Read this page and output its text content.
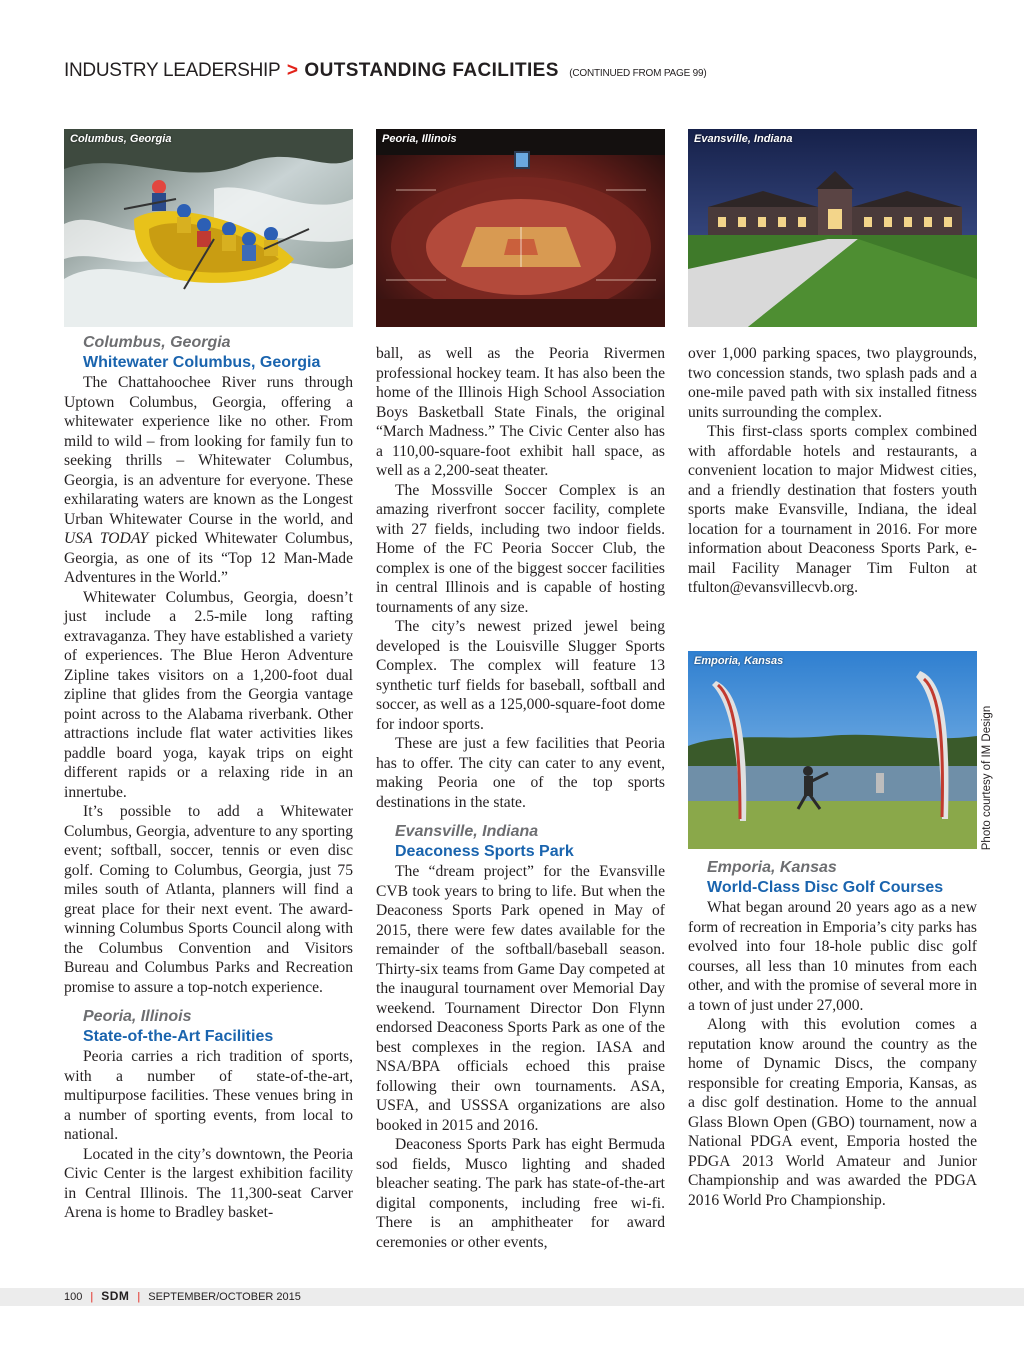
INDUSTRY LEADERSHIP > OUTSTANDING FACILITIES (CONTINUED FROM PAGE 99)
Columbus, Georgia	Peoria, Illinois	Evansville, Indiana
Emporia, Kansas
Photo courtesy of IM Design

Columbus, Georgia

Whitewater Columbus, Georgia

The Chattahoochee River runs through Uptown Columbus, Georgia, offering a whitewater experience like no other. From mild to wild – from looking for family fun to seeking thrills – Whitewater Columbus, Georgia, is an adventure for everyone. These exhilarating waters are known as the Longest Urban Whitewater Course in the world, and USA TODAY picked Whitewater Columbus, Georgia, as one of its “Top 12 Man-Made Adventures in the World.”

Whitewater Columbus, Georgia, doesn’t just include a 2.5-mile long rafting extravaganza. They have established a variety of experiences. The Blue Heron Adventure Zipline takes visitors on a 1,200-foot dual zipline that glides from the Georgia vantage point across to the Alabama riverbank. Other attractions include flat water activities likes paddle board yoga, kayak trips on eight different rapids or a relaxing ride in an innertube.

It’s possible to add a Whitewater Columbus, Georgia, adventure to any sporting event; softball, soccer, tennis or even disc golf. Coming to Columbus, Georgia, just 75 miles south of Atlanta, planners will find a great place for their next event. The award-winning Columbus Sports Council along with the Columbus Convention and Visitors Bureau and Columbus Parks and Recreation promise to assure a top-notch experience.

Peoria, Illinois

State-of-the-Art Facilities

Peoria carries a rich tradition of sports, with a number of state-of-the-art, multipurpose facilities. These venues bring in a number of sporting events, from local to national.

Located in the city’s downtown, the Peoria Civic Center is the largest exhibition facility in Central Illinois. The 11,300-seat Carver Arena is home to Bradley basket-

ball, as well as the Peoria Rivermen professional hockey team. It has also been the home of the Illinois High School Association Boys Basketball State Finals, the original “March Madness.” The Civic Center also has a 110,00-square-foot exhibit hall space, as well as a 2,200-seat theater.

The Mossville Soccer Complex is an amazing riverfront soccer facility, complete with 27 fields, including two indoor fields. Home of the FC Peoria Soccer Club, the complex is one of the biggest soccer facilities in central Illinois and is capable of hosting tournaments of any size.

The city’s newest prized jewel being developed is the Louisville Slugger Sports Complex. The complex will feature 13 synthetic turf fields for baseball, softball and soccer, as well as a 125,000-square-foot dome for indoor sports.

These are just a few facilities that Peoria has to offer. The city can cater to any event, making Peoria one of the top sports destinations in the state.

Evansville, Indiana

Deaconess Sports Park

The “dream project” for the Evansville CVB took years to bring to life. But when the Deaconess Sports Park opened in May of 2015, there were few dates available for the remainder of the softball/baseball season. Thirty-six teams from Game Day competed at the inaugural tournament over Memorial Day weekend. Tournament Director Don Flynn endorsed Deaconess Sports Park as one of the best complexes in the region. IASA and NSA/BPA officials echoed this praise following their own tournaments. ASA, USFA, and USSSA organizations are also booked in 2015 and 2016.

Deaconess Sports Park has eight Bermuda sod fields, Musco lighting and shaded bleacher seating. The park has state-of-the-art digital components, including free wi-fi. There is an amphitheater for award ceremonies or other events,

over 1,000 parking spaces, two playgrounds, two concession stands, two splash pads and a one-mile paved path with six installed fitness units surrounding the complex.

This first-class sports complex combined with affordable hotels and restaurants, a convenient location to major Midwest cities, and a friendly destination that fosters youth sports make Evansville, Indiana, the ideal location for a tournament in 2016. For more information about Deaconess Sports Park, e-mail Facility Manager Tim Fulton at tfulton@evansvillecvb.org.

Emporia, Kansas

World-Class Disc Golf Courses

What began around 20 years ago as a new form of recreation in Emporia’s city parks has evolved into four 18-hole public disc golf courses, all less than 10 minutes from each other, and with the promise of several more in a town of just under 27,000.

Along with this evolution comes a reputation know around the country as the home of Dynamic Discs, the company responsible for creating Emporia, Kansas, as a disc golf destination. Home to the annual Glass Blown Open (GBO) tournament, now a National PDGA event, Emporia hosted the PDGA 2013 World Amateur and Junior Championship and was awarded the PDGA 2016 World Pro Championship.

100 | SDM | SEPTEMBER/OCTOBER 2015
